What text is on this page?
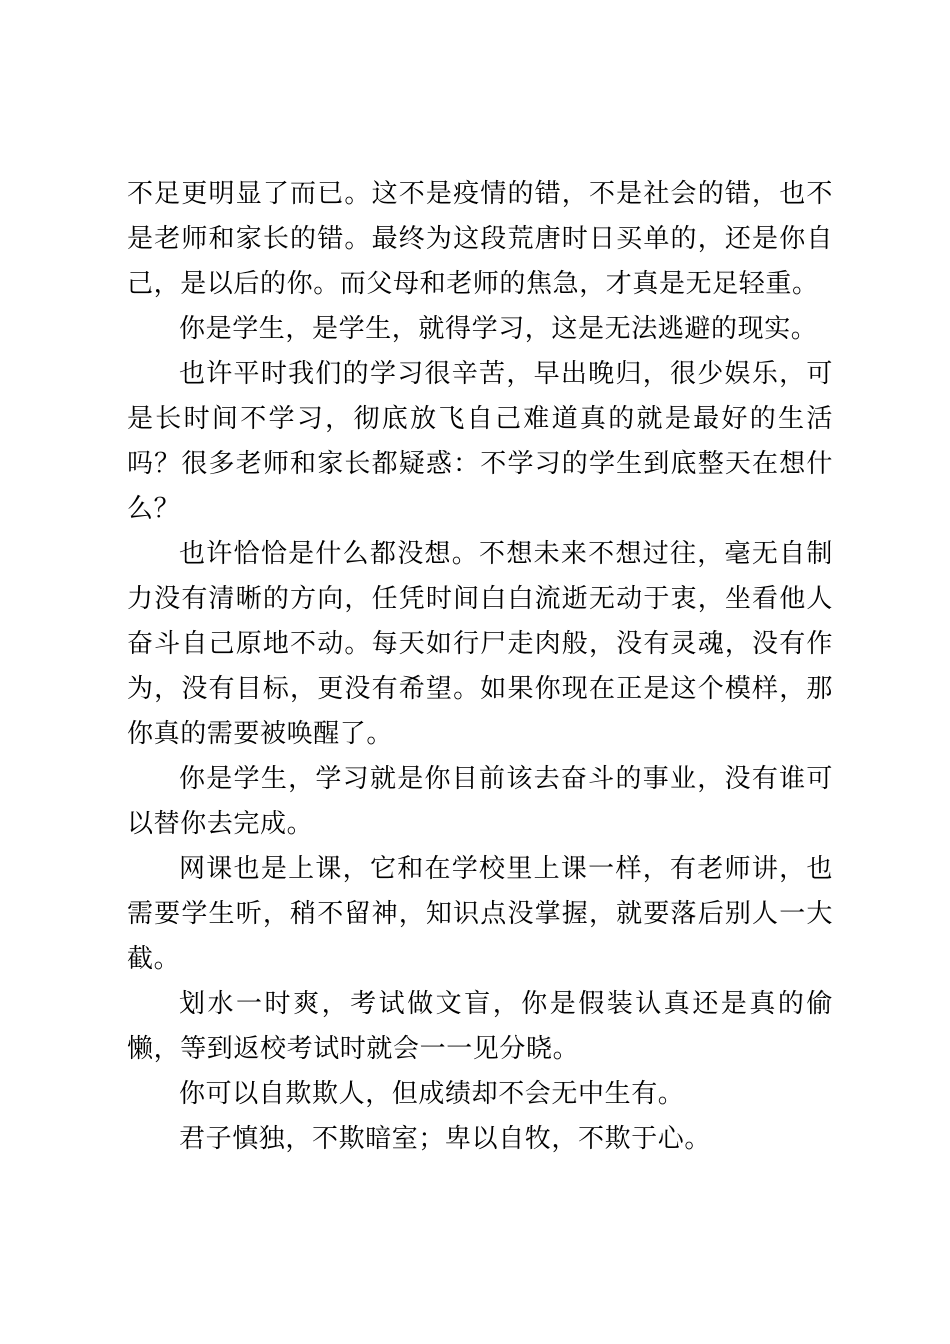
不足更明显了而已。这不是疫情的错，不是社会的错，也不是老师和家长的错。最终为这段荒唐时日买单的，还是你自己，是以后的你。而父母和老师的焦急，才真是无足轻重。

你是学生，是学生，就得学习，这是无法逃避的现实。

也许平时我们的学习很辛苦，早出晚归，很少娱乐，可是长时间不学习，彻底放飞自己难道真的就是最好的生活吗？很多老师和家长都疑惑：不学习的学生到底整天在想什么？

也许恰恰是什么都没想。不想未来不想过往，毫无自制力没有清晰的方向，任凭时间白白流逝无动于衷，坐看他人奋斗自己原地不动。每天如行尸走肉般，没有灵魂，没有作为，没有目标，更没有希望。如果你现在正是这个模样，那你真的需要被唤醒了。

你是学生，学习就是你目前该去奋斗的事业，没有谁可以替你去完成。

网课也是上课，它和在学校里上课一样，有老师讲，也需要学生听，稍不留神，知识点没掌握，就要落后别人一大截。

划水一时爽，考试做文盲，你是假装认真还是真的偷懒，等到返校考试时就会一一见分晓。

你可以自欺欺人，但成绩却不会无中生有。

君子慎独，不欺暗室；卑以自牧，不欺于心。
